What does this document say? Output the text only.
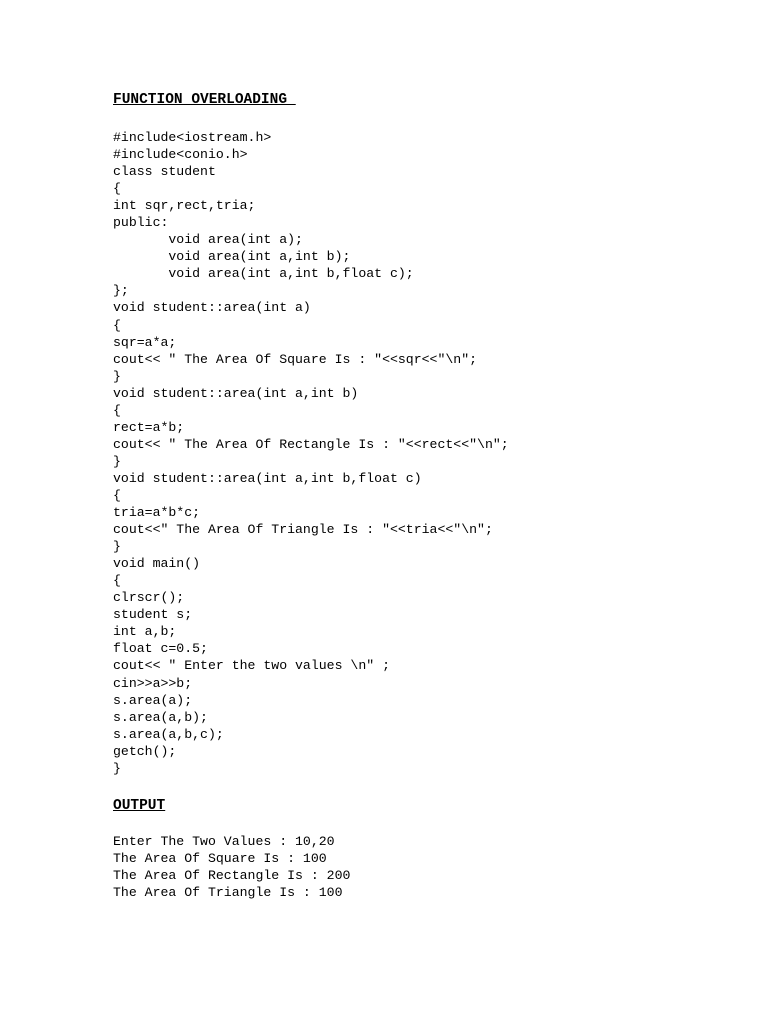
FUNCTION OVERLOADING
#include<iostream.h>
#include<conio.h>
class student
{
int sqr,rect,tria;
public:
void area(int a);
void area(int a,int b);
void area(int a,int b,float c);
};
void student::area(int a)
{
sqr=a*a;
cout<< " The Area Of Square Is : "<<sqr<<"\n";
}
void student::area(int a,int b)
{
rect=a*b;
cout<< " The Area Of Rectangle Is : "<<rect<<"\n";
}
void student::area(int a,int b,float c)
{
tria=a*b*c;
cout<<" The Area Of Triangle Is : "<<tria<<"\n";
}
void main()
{
clrscr();
student s;
int a,b;
float c=0.5;
cout<< " Enter the two values \n" ;
cin>>a>>b;
s.area(a);
s.area(a,b);
s.area(a,b,c);
getch();
}
OUTPUT
Enter The Two Values : 10,20
The Area Of Square Is : 100
The Area Of Rectangle Is : 200
The Area Of Triangle Is : 100
